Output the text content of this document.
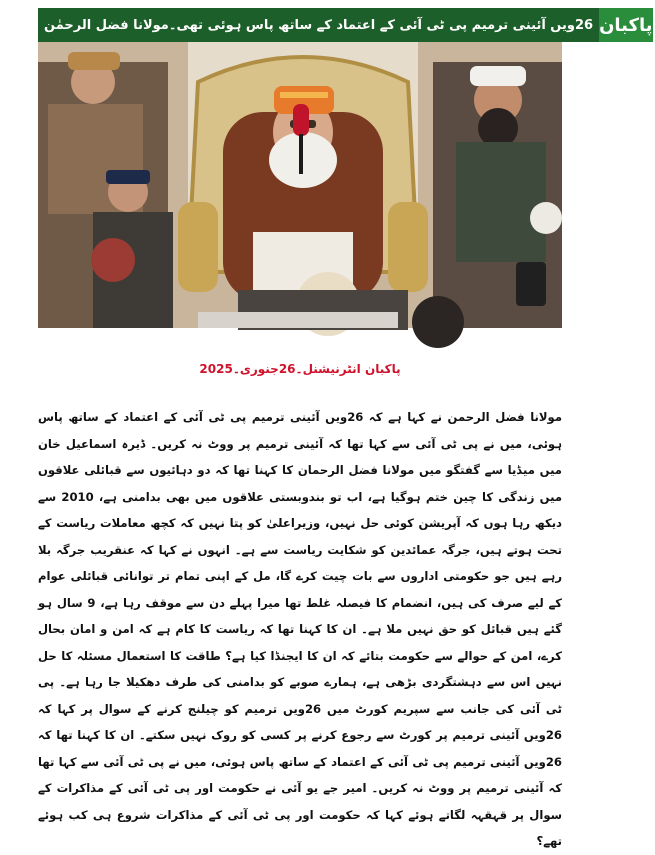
پاکبان
26ویں آئینی ترمیم پی ٹی آئی کے اعتماد کے ساتھ پاس ہوئی تھی۔مولانا فضل الرحمٰن
پاکبان انٹرنیشنل۔26جنوری۔2025
مولانا فضل الرحمن نے کہا ہے کہ 26ویں آئینی ترمیم پی ٹی آئی کے اعتماد کے ساتھ پاس ہوئی، میں نے پی ٹی آئی سے کہا تھا کہ آئینی ترمیم پر ووٹ نہ کریں۔ ڈیرہ اسماعیل خان میں میڈیا سے گفتگو میں مولانا فضل الرحمان کا کہنا تھا کہ دو دہائیوں سے قبائلی علاقوں میں زندگی کا چین ختم ہوگیا ہے، اب تو بندوبستی علاقوں میں بھی بدامنی ہے، 2010 سے دیکھ رہا ہوں کہ آپریشن کوئی حل نہیں، وزیراعلیٰ کو پتا نہیں کہ کچھ معاملات ریاست کے تحت ہوتے ہیں، جرگہ عمائدین کو شکایت ریاست سے ہے۔ انہوں نے کہا کہ عنقریب جرگہ بلا رہے ہیں جو حکومتی اداروں سے بات چیت کرے گا، مل کے اپنی تمام تر توانائی قبائلی عوام کے لیے صرف کی ہیں، انضمام کا فیصلہ غلط تھا میرا پہلے دن سے موقف رہا ہے، 9 سال ہو گئے ہیں قبائل کو حق نہیں ملا ہے۔ ان کا کہنا تھا کہ ریاست کا کام ہے کہ امن و امان بحال کرے، امن کے حوالے سے حکومت بتائے کہ ان کا ایجنڈا کیا ہے؟ طاقت کا استعمال مسئلہ کا حل نہیں اس سے دہشتگردی بڑھی ہے، ہمارے صوبے کو بدامنی کی طرف دھکیلا جا رہا ہے۔ پی ٹی آئی کی جانب سے سپریم کورٹ میں 26ویں ترمیم کو چیلنج کرنے کے سوال پر کہا کہ 26ویں آئینی ترمیم پر کورٹ سے رجوع کرنے پر کسی کو روک نہیں سکتے۔ ان کا کہنا تھا کہ 26ویں آئینی ترمیم پی ٹی آئی کے اعتماد کے ساتھ پاس ہوئی، میں نے پی ٹی آئی سے کہا تھا کہ آئینی ترمیم پر ووٹ نہ کریں۔ امیر جے یو آئی نے حکومت اور پی ٹی آئی کے مذاکرات کے سوال پر قہقہہ لگاتے ہوئے کہا کہ حکومت اور پی ٹی آئی کے مذاکرات شروع ہی کب ہوئے تھے؟
